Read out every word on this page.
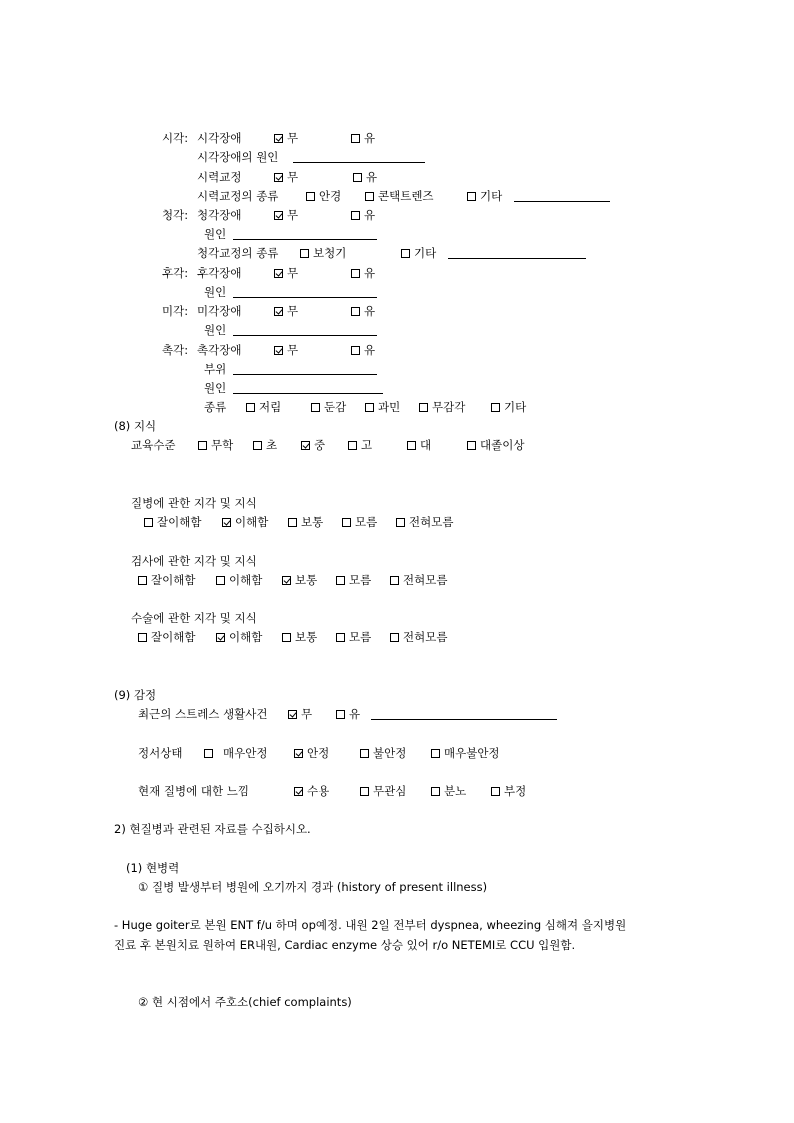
시각: 시각장애	무	유
시각장애의 원인
시력교정	무	유
시력교정의 종류	안경	콘택트렌즈	기타
청각: 청각장애	무	유
원인
청각교정의 종류	보청기	기타
후각: 후각장애	무	유
원인
미각: 미각장애	무	유
원인
촉각: 촉각장애	무	유
부위
원인
종류	저림	둔감	과민	무감각	기타
(8) 지식
교육수준	무학	초	중	고	대	대졸이상
질병에 관한 지각 및 지식
잘이해함	이해함	보통	모름	전혀모름
검사에 관한 지각 및 지식
잘이해함	이해함	보통	모름	전혀모름
수술에 관한 지각 및 지식
잘이해함	이해함	보통	모름	전혀모름
(9) 감정
최근의 스트레스 생활사건	무	유
정서상태	매우안정	안정	불안정	매우불안정
현재 질병에 대한 느낌	수용	무관심	분노	부정
2) 현질병과 관련된 자료를 수집하시오.
(1) 현병력
① 질병 발생부터 병원에 오기까지 경과 (history of present illness)
- Huge goiter로 본원 ENT f/u 하며 op예정. 내원 2일 전부터 dyspnea, wheezing 심해져 을지병원
진료 후 본원치료 원하여 ER내원, Cardiac enzyme 상승 있어 r/o NETEMI로 CCU 입원함.
② 현 시점에서 주호소(chief complaints)
